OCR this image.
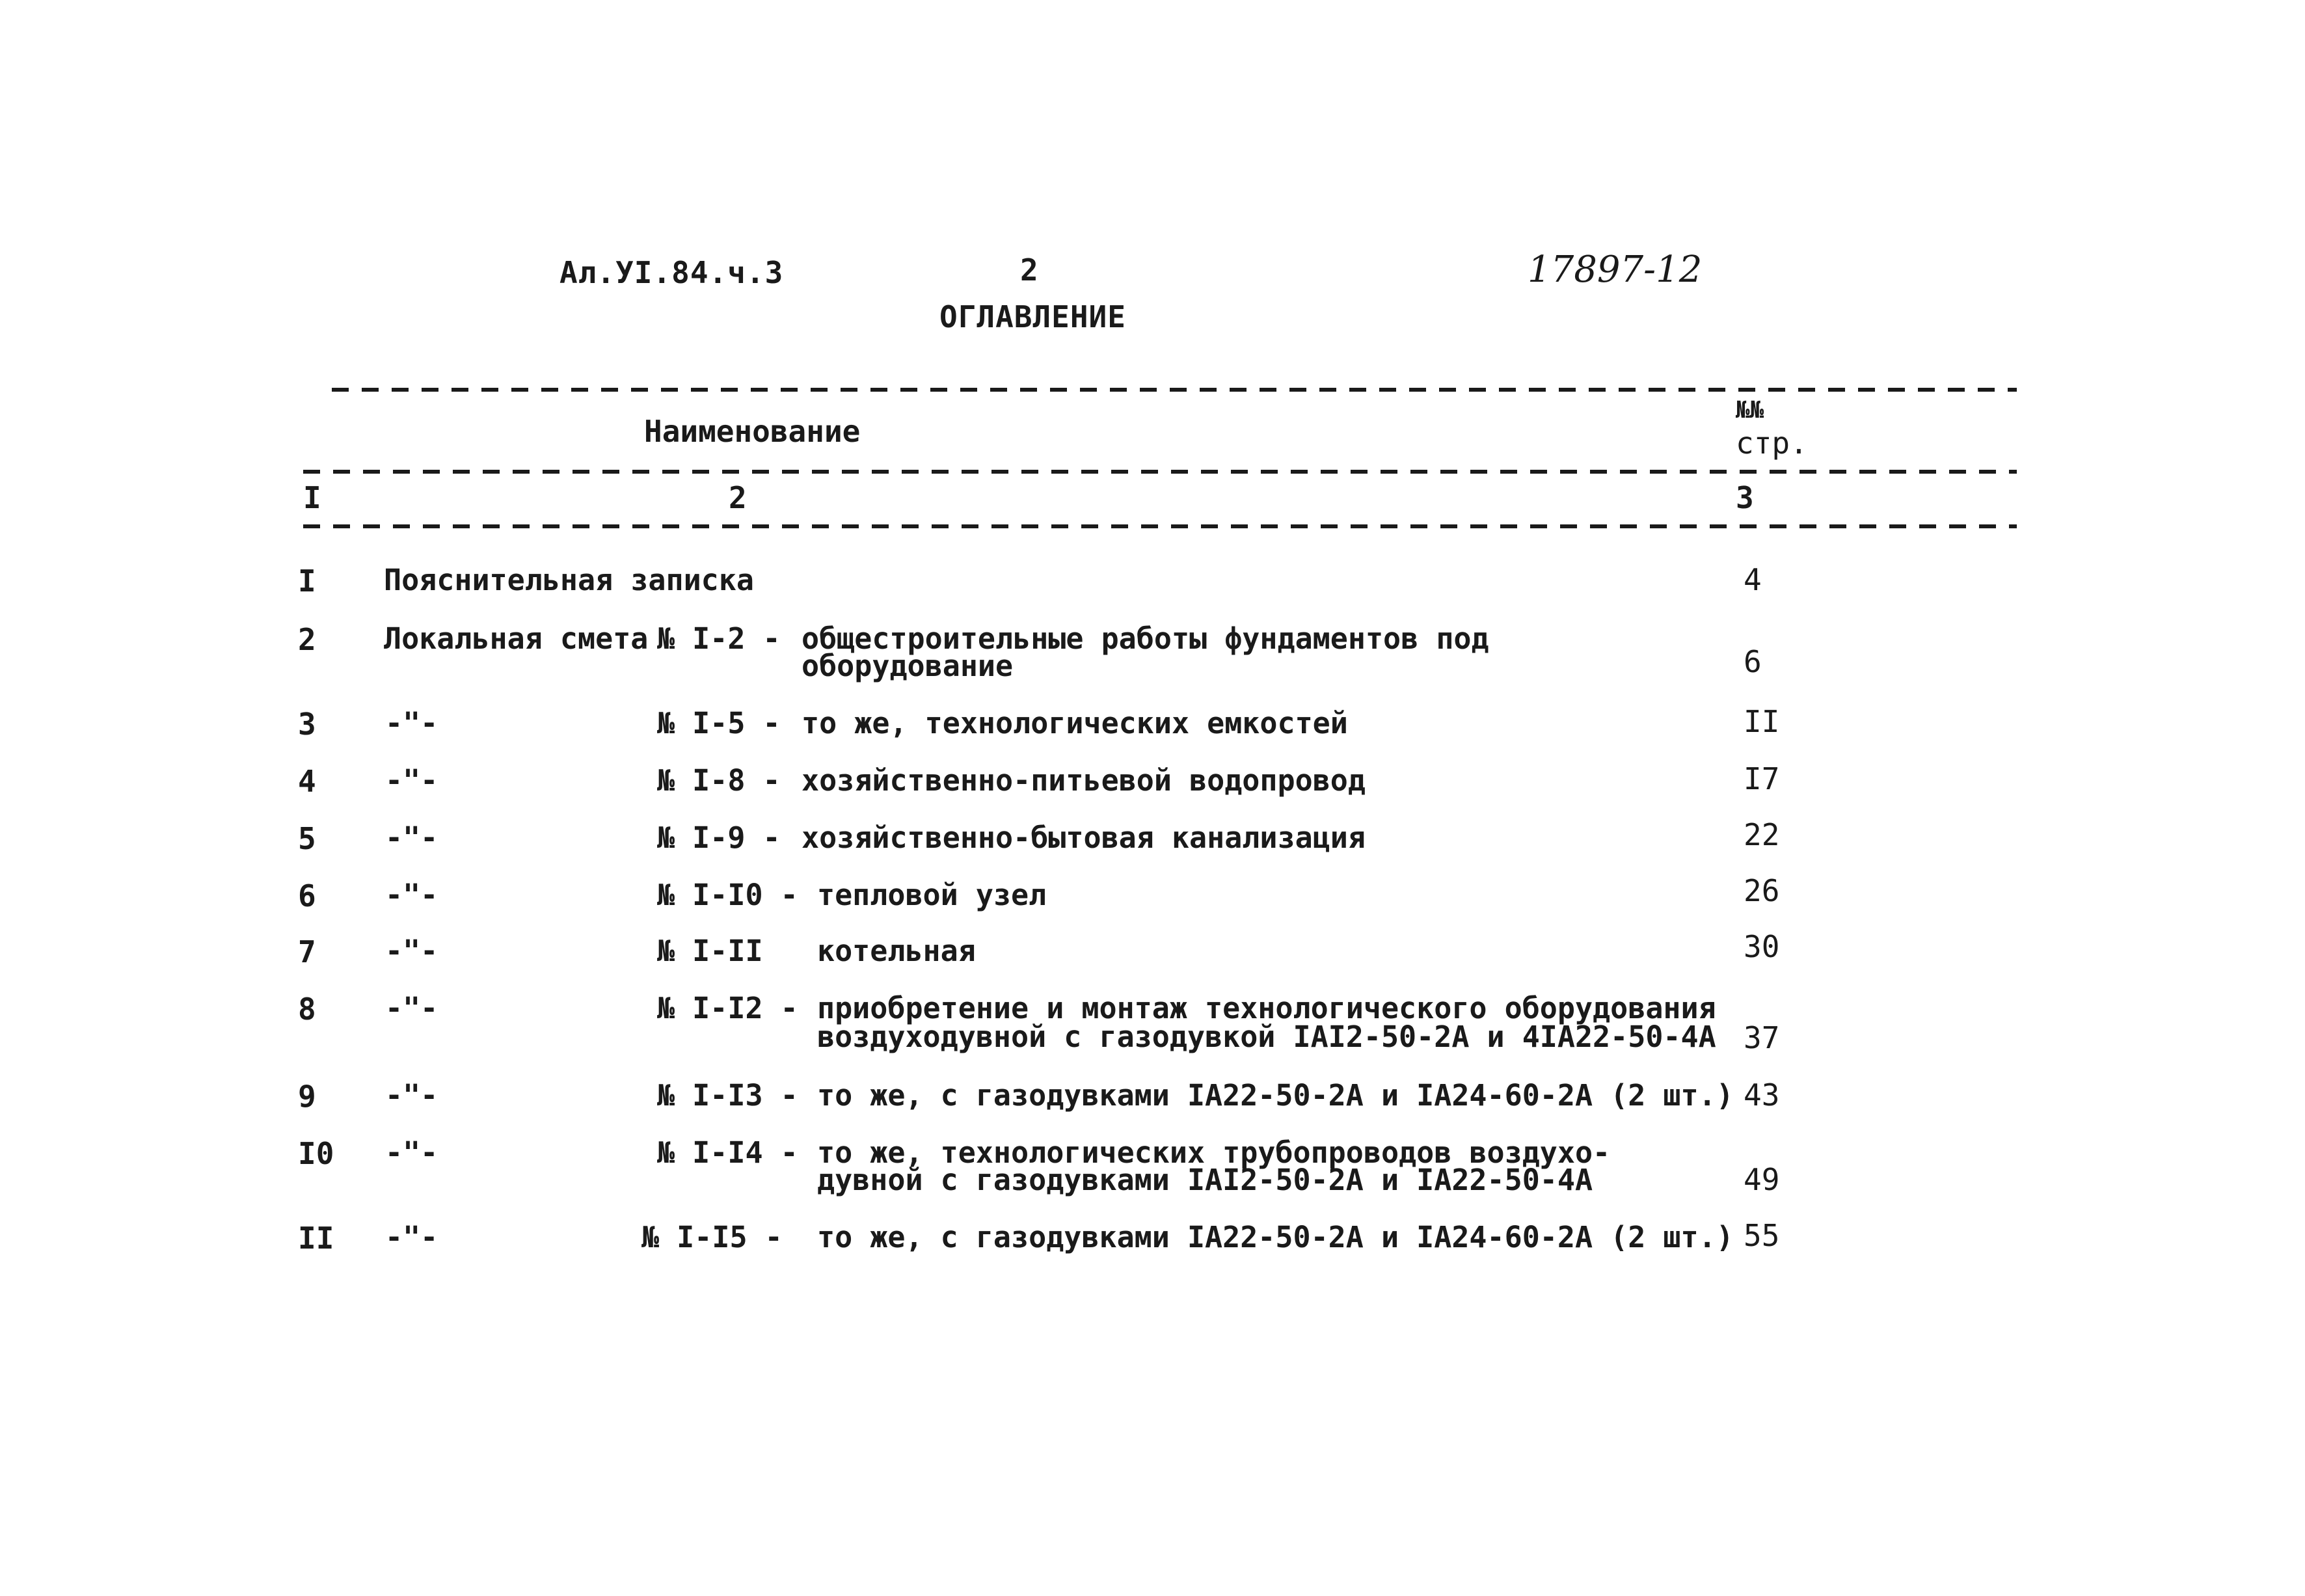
Ал.УI.84.ч.3	2	17897-12
ОГЛАВЛЕНИЕ
Наименование
№№
стр.
I	2	3
I Пояснительная записка	4
2 Локальная смета № I-2 - общестроительные работы фундаментов под
оборудование	6
3 -"-	№ I-5 - то же, технологических емкостей	II
4 -"-	№ I-8 - хозяйственно-питьевой водопровод	I7
5 -"-	№ I-9 - хозяйственно-бытовая канализация	22
6 -"-	№ I-I0 - тепловой узел	26
7 -"-	№ I-II котельная	30
8 -"-	№ I-I2 - приобретение и монтаж технологического оборудования
воздуходувной с газодувкой IAI2-50-2A и 4IA22-50-4A 37
9 -"-	№ I-I3 - то же, с газодувками IA22-50-2A и IA24-60-2A (2 шт.) 43
I0 -"-	№ I-I4 - то же, технологических трубопроводов воздухо-
дувной с газодувками IAI2-50-2A и IA22-50-4A	49
II -"-	№ I-I5 - то же, с газодувками IA22-50-2A и IA24-60-2A (2 шт.) 55
